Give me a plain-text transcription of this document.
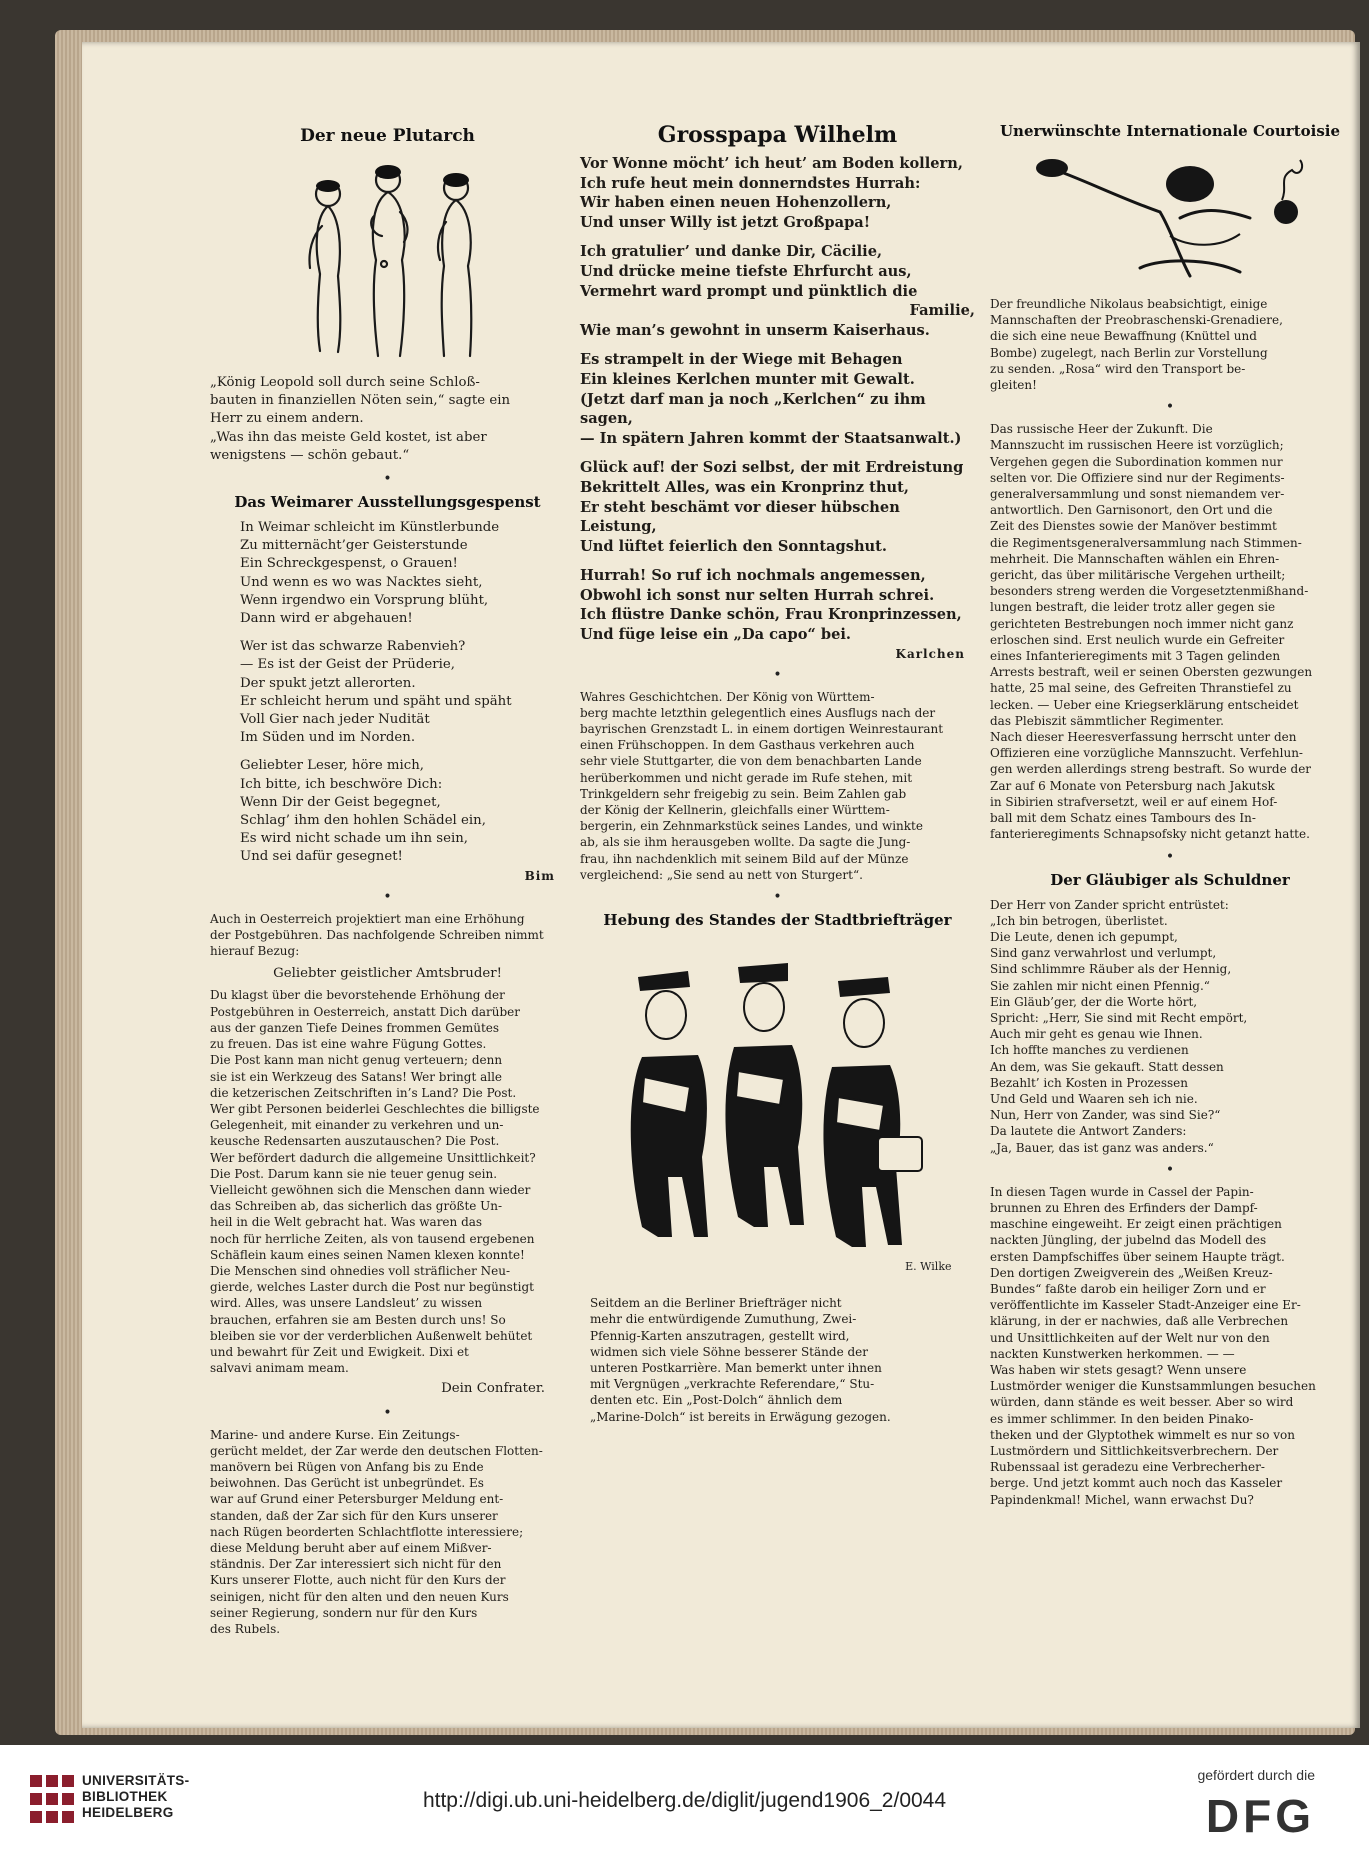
Der neue Plutarch

„König Leopold soll durch seine Schloß-

bauten in finanziellen Nöten sein,“ sagte ein

Herr zu einem andern.

„Was ihn das meiste Geld kostet, ist aber

wenigstens — schön gebaut.“

•
Das Weimarer Ausstellungsgespenst

In Weimar schleicht im Künstlerbunde

Zu mitternächt’ger Geisterstunde

Ein Schreckgespenst, o Grauen!

Und wenn es wo was Nacktes sieht,

Wenn irgendwo ein Vorsprung blüht,

Dann wird er abgehauen!

Wer ist das schwarze Rabenvieh?

— Es ist der Geist der Prüderie,

Der spukt jetzt allerorten.

Er schleicht herum und späht und späht

Voll Gier nach jeder Nudität

Im Süden und im Norden.

Geliebter Leser, höre mich,

Ich bitte, ich beschwöre Dich:

Wenn Dir der Geist begegnet,

Schlag’ ihm den hohlen Schädel ein,

Es wird nicht schade um ihn sein,

Und sei dafür gesegnet!

Bim
•

Auch in Oesterreich projektiert man eine Erhöhung

der Postgebühren. Das nachfolgende Schreiben nimmt

hierauf Bezug:

Geliebter geistlicher Amtsbruder!

Du klagst über die bevorstehende Erhöhung der

Postgebühren in Oesterreich, anstatt Dich darüber

aus der ganzen Tiefe Deines frommen Gemütes

zu freuen. Das ist eine wahre Fügung Gottes.

Die Post kann man nicht genug verteuern; denn

sie ist ein Werkzeug des Satans! Wer bringt alle

die ketzerischen Zeitschriften in’s Land? Die Post.

Wer gibt Personen beiderlei Geschlechtes die billigste

Gelegenheit, mit einander zu verkehren und un-

keusche Redensarten auszutauschen? Die Post.

Wer befördert dadurch die allgemeine Unsittlichkeit?

Die Post. Darum kann sie nie teuer genug sein.

Vielleicht gewöhnen sich die Menschen dann wieder

das Schreiben ab, das sicherlich das größte Un-

heil in die Welt gebracht hat. Was waren das

noch für herrliche Zeiten, als von tausend ergebenen

Schäflein kaum eines seinen Namen klexen konnte!

Die Menschen sind ohnedies voll sträflicher Neu-

gierde, welches Laster durch die Post nur begünstigt

wird. Alles, was unsere Landsleut’ zu wissen

brauchen, erfahren sie am Besten durch uns! So

bleiben sie vor der verderblichen Außenwelt behütet

und bewahrt für Zeit und Ewigkeit. Dixi et

salvavi animam meam.

Dein Confrater.
•

Marine- und andere Kurse. Ein Zeitungs-

gerücht meldet, der Zar werde den deutschen Flotten-

manövern bei Rügen von Anfang bis zu Ende

beiwohnen. Das Gerücht ist unbegründet. Es

war auf Grund einer Petersburger Meldung ent-

standen, daß der Zar sich für den Kurs unserer

nach Rügen beorderten Schlachtflotte interessiere;

diese Meldung beruht aber auf einem Mißver-

ständnis. Der Zar interessiert sich nicht für den

Kurs unserer Flotte, auch nicht für den Kurs der

seinigen, nicht für den alten und den neuen Kurs

seiner Regierung, sondern nur für den Kurs

des Rubels.

Grosspapa Wilhelm

Vor Wonne möcht’ ich heut’ am Boden kollern,

Ich rufe heut mein donnerndstes Hurrah:

Wir haben einen neuen Hohenzollern,

Und unser Willy ist jetzt Großpapa!

Ich gratulier’ und danke Dir, Cäcilie,

Und drücke meine tiefste Ehrfurcht aus,

Vermehrt ward prompt und pünktlich die

Familie,

Wie man’s gewohnt in unserm Kaiserhaus.

Es strampelt in der Wiege mit Behagen

Ein kleines Kerlchen munter mit Gewalt.

(Jetzt darf man ja noch „Kerlchen“ zu ihm sagen,

— In spätern Jahren kommt der Staatsanwalt.)

Glück auf! der Sozi selbst, der mit Erdreistung

Bekrittelt Alles, was ein Kronprinz thut,

Er steht beschämt vor dieser hübschen Leistung,

Und lüftet feierlich den Sonntagshut.

Hurrah! So ruf ich nochmals angemessen,

Obwohl ich sonst nur selten Hurrah schrei.

Ich flüstre Danke schön, Frau Kronprinzessen,

Und füge leise ein „Da capo“ bei.

Karlchen
•

Wahres Geschichtchen. Der König von Württem-

berg machte letzthin gelegentlich eines Ausflugs nach der

bayrischen Grenzstadt L. in einem dortigen Weinrestaurant

einen Frühschoppen. In dem Gasthaus verkehren auch

sehr viele Stuttgarter, die von dem benachbarten Lande

herüberkommen und nicht gerade im Rufe stehen, mit

Trinkgeldern sehr freigebig zu sein. Beim Zahlen gab

der König der Kellnerin, gleichfalls einer Württem-

bergerin, ein Zehnmarkstück seines Landes, und winkte

ab, als sie ihm herausgeben wollte. Da sagte die Jung-

frau, ihn nachdenklich mit seinem Bild auf der Münze

vergleichend: „Sie send au nett von Sturgert“.

•
Hebung des Standes der Stadtbriefträger
E. Wilke

Seitdem an die Berliner Briefträger nicht

mehr die entwürdigende Zumuthung, Zwei-

Pfennig-Karten anszutragen, gestellt wird,

widmen sich viele Söhne besserer Stände der

unteren Postkarrière. Man bemerkt unter ihnen

mit Vergnügen „verkrachte Referendare,“ Stu-

denten etc. Ein „Post-Dolch“ ähnlich dem

„Marine-Dolch“ ist bereits in Erwägung gezogen.

Unerwünschte Internationale Courtoisie

Der freundliche Nikolaus beabsichtigt, einige

Mannschaften der Preobraschenski-Grenadiere,

die sich eine neue Bewaffnung (Knüttel und

Bombe) zugelegt, nach Berlin zur Vorstellung

zu senden. „Rosa“ wird den Transport be-

gleiten!

•

Das russische Heer der Zukunft. Die

Mannszucht im russischen Heere ist vorzüglich;

Vergehen gegen die Subordination kommen nur

selten vor. Die Offiziere sind nur der Regiments-

generalversammlung und sonst niemandem ver-

antwortlich. Den Garnisonort, den Ort und die

Zeit des Dienstes sowie der Manöver bestimmt

die Regimentsgeneralversammlung nach Stimmen-

mehrheit. Die Mannschaften wählen ein Ehren-

gericht, das über militärische Vergehen urtheilt;

besonders streng werden die Vorgesetztenmißhand-

lungen bestraft, die leider trotz aller gegen sie

gerichteten Bestrebungen noch immer nicht ganz

erloschen sind. Erst neulich wurde ein Gefreiter

eines Infanterieregiments mit 3 Tagen gelinden

Arrests bestraft, weil er seinen Obersten gezwungen

hatte, 25 mal seine, des Gefreiten Thranstiefel zu

lecken. — Ueber eine Kriegserklärung entscheidet

das Plebiszit sämmtlicher Regimenter.

Nach dieser Heeresverfassung herrscht unter den

Offizieren eine vorzügliche Mannszucht. Verfehlun-

gen werden allerdings streng bestraft. So wurde der

Zar auf 6 Monate von Petersburg nach Jakutsk

in Sibirien strafversetzt, weil er auf einem Hof-

ball mit dem Schatz eines Tambours des In-

fanterieregiments Schnapsofsky nicht getanzt hatte.

•
Der Gläubiger als Schuldner

Der Herr von Zander spricht entrüstet:

„Ich bin betrogen, überlistet.

Die Leute, denen ich gepumpt,

Sind ganz verwahrlost und verlumpt,

Sind schlimmre Räuber als der Hennig,

Sie zahlen mir nicht einen Pfennig.“

Ein Gläub’ger, der die Worte hört,

Spricht: „Herr, Sie sind mit Recht empört,

Auch mir geht es genau wie Ihnen.

Ich hoffte manches zu verdienen

An dem, was Sie gekauft. Statt dessen

Bezahlt’ ich Kosten in Prozessen

Und Geld und Waaren seh ich nie.

Nun, Herr von Zander, was sind Sie?“

Da lautete die Antwort Zanders:

„Ja, Bauer, das ist ganz was anders.“

•

In diesen Tagen wurde in Cassel der Papin-

brunnen zu Ehren des Erfinders der Dampf-

maschine eingeweiht. Er zeigt einen prächtigen

nackten Jüngling, der jubelnd das Modell des

ersten Dampfschiffes über seinem Haupte trägt.

Den dortigen Zweigverein des „Weißen Kreuz-

Bundes“ faßte darob ein heiliger Zorn und er

veröffentlichte im Kasseler Stadt-Anzeiger eine Er-

klärung, in der er nachwies, daß alle Verbrechen

und Unsittlichkeiten auf der Welt nur von den

nackten Kunstwerken herkommen. — —

Was haben wir stets gesagt? Wenn unsere

Lustmörder weniger die Kunstsammlungen besuchen

würden, dann stände es weit besser. Aber so wird

es immer schlimmer. In den beiden Pinako-

theken und der Glyptothek wimmelt es nur so von

Lustmördern und Sittlichkeitsverbrechern. Der

Rubenssaal ist geradezu eine Verbrecherher-

berge. Und jetzt kommt auch noch das Kasseler

Papindenkmal! Michel, wann erwachst Du?

UNIVERSITÄTS-
BIBLIOTHEK
HEIDELBERG
http://digi.ub.uni-heidelberg.de/diglit/jugend1906_2/0044
gefördert durch die
DFG
